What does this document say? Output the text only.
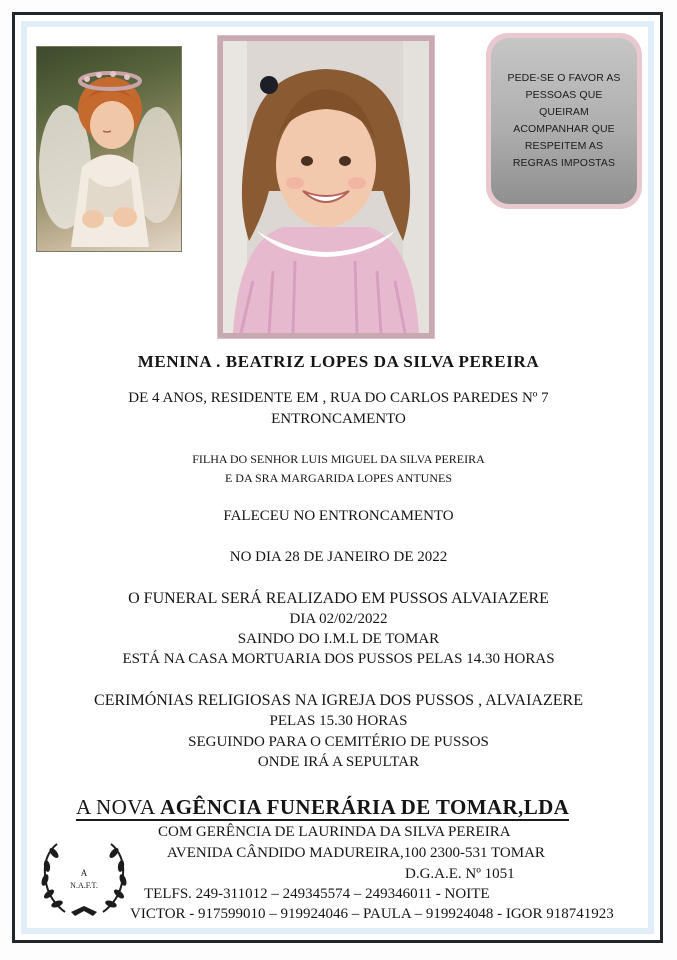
PEDE-SE O FAVOR AS
PESSOAS QUE
QUEIRAM
ACOMPANHAR QUE
RESPEITEM AS
REGRAS IMPOSTAS
MENINA . BEATRIZ LOPES DA SILVA PEREIRA
DE 4 ANOS, RESIDENTE EM , RUA DO CARLOS PAREDES Nº 7
ENTRONCAMENTO
FILHA DO SENHOR LUIS MIGUEL DA SILVA PEREIRA
E DA SRA MARGARIDA LOPES ANTUNES
FALECEU NO ENTRONCAMENTO
NO DIA 28 DE JANEIRO DE 2022
O FUNERAL SERÁ REALIZADO EM PUSSOS ALVAIAZERE
DIA 02/02/2022
SAINDO DO I.M.L DE TOMAR
ESTÁ NA CASA MORTUARIA DOS PUSSOS PELAS 14.30 HORAS
CERIMÓNIAS RELIGIOSAS NA IGREJA DOS PUSSOS , ALVAIAZERE
PELAS 15.30 HORAS
SEGUINDO PARA O CEMITÉRIO DE PUSSOS
ONDE IRÁ A SEPULTAR
A NOVA AGÊNCIA FUNERÁRIA DE TOMAR,LDA
COM GERÊNCIA DE LAURINDA DA SILVA PEREIRA
AVENIDA CÂNDIDO MADUREIRA,100 2300-531 TOMAR
D.G.A.E. Nº 1051
TELFS. 249-311012 – 249345574 – 249346011 - NOITE
VICTOR - 917599010 – 919924046 – PAULA – 919924048 - IGOR 918741923
A
N.A.F.T.
